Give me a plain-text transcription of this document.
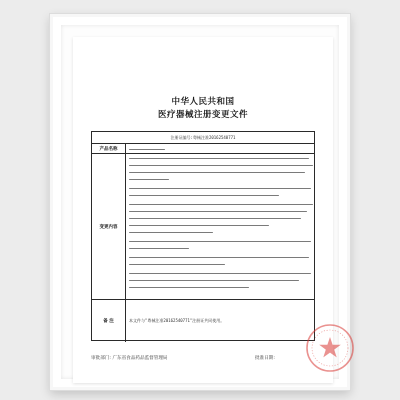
中华人民共和国
医疗器械注册变更文件
注册证编号:粤械注准20162540771
产品名称
变更内容
备 注	本文件与"粤械注准20162540771"注册证共同使用。
审批部门: 广东省食品药品监督管理局	批准日期:
